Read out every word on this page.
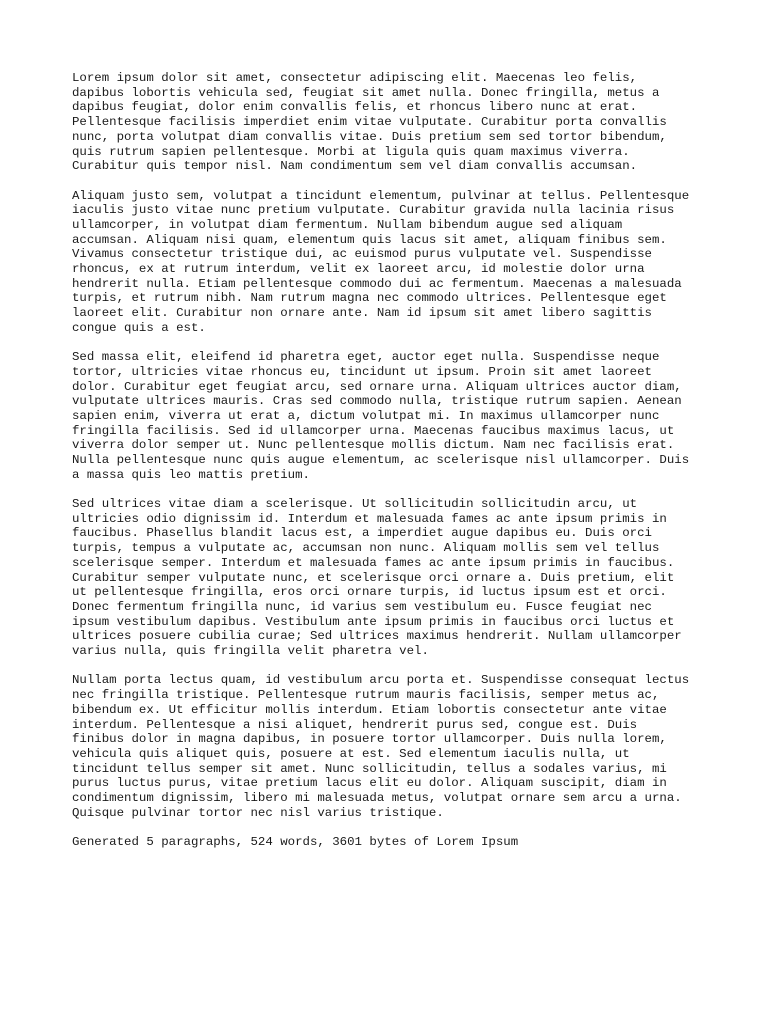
Lorem ipsum dolor sit amet, consectetur adipiscing elit. Maecenas leo felis,
dapibus lobortis vehicula sed, feugiat sit amet nulla. Donec fringilla, metus a
dapibus feugiat, dolor enim convallis felis, et rhoncus libero nunc at erat.
Pellentesque facilisis imperdiet enim vitae vulputate. Curabitur porta convallis
nunc, porta volutpat diam convallis vitae. Duis pretium sem sed tortor bibendum,
quis rutrum sapien pellentesque. Morbi at ligula quis quam maximus viverra.
Curabitur quis tempor nisl. Nam condimentum sem vel diam convallis accumsan.

Aliquam justo sem, volutpat a tincidunt elementum, pulvinar at tellus. Pellentesque
iaculis justo vitae nunc pretium vulputate. Curabitur gravida nulla lacinia risus
ullamcorper, in volutpat diam fermentum. Nullam bibendum augue sed aliquam
accumsan. Aliquam nisi quam, elementum quis lacus sit amet, aliquam finibus sem.
Vivamus consectetur tristique dui, ac euismod purus vulputate vel. Suspendisse
rhoncus, ex at rutrum interdum, velit ex laoreet arcu, id molestie dolor urna
hendrerit nulla. Etiam pellentesque commodo dui ac fermentum. Maecenas a malesuada
turpis, et rutrum nibh. Nam rutrum magna nec commodo ultrices. Pellentesque eget
laoreet elit. Curabitur non ornare ante. Nam id ipsum sit amet libero sagittis
congue quis a est.

Sed massa elit, eleifend id pharetra eget, auctor eget nulla. Suspendisse neque
tortor, ultricies vitae rhoncus eu, tincidunt ut ipsum. Proin sit amet laoreet
dolor. Curabitur eget feugiat arcu, sed ornare urna. Aliquam ultrices auctor diam,
vulputate ultrices mauris. Cras sed commodo nulla, tristique rutrum sapien. Aenean
sapien enim, viverra ut erat a, dictum volutpat mi. In maximus ullamcorper nunc
fringilla facilisis. Sed id ullamcorper urna. Maecenas faucibus maximus lacus, ut
viverra dolor semper ut. Nunc pellentesque mollis dictum. Nam nec facilisis erat.
Nulla pellentesque nunc quis augue elementum, ac scelerisque nisl ullamcorper. Duis
a massa quis leo mattis pretium.

Sed ultrices vitae diam a scelerisque. Ut sollicitudin sollicitudin arcu, ut
ultricies odio dignissim id. Interdum et malesuada fames ac ante ipsum primis in
faucibus. Phasellus blandit lacus est, a imperdiet augue dapibus eu. Duis orci
turpis, tempus a vulputate ac, accumsan non nunc. Aliquam mollis sem vel tellus
scelerisque semper. Interdum et malesuada fames ac ante ipsum primis in faucibus.
Curabitur semper vulputate nunc, et scelerisque orci ornare a. Duis pretium, elit
ut pellentesque fringilla, eros orci ornare turpis, id luctus ipsum est et orci.
Donec fermentum fringilla nunc, id varius sem vestibulum eu. Fusce feugiat nec
ipsum vestibulum dapibus. Vestibulum ante ipsum primis in faucibus orci luctus et
ultrices posuere cubilia curae; Sed ultrices maximus hendrerit. Nullam ullamcorper
varius nulla, quis fringilla velit pharetra vel.

Nullam porta lectus quam, id vestibulum arcu porta et. Suspendisse consequat lectus
nec fringilla tristique. Pellentesque rutrum mauris facilisis, semper metus ac,
bibendum ex. Ut efficitur mollis interdum. Etiam lobortis consectetur ante vitae
interdum. Pellentesque a nisi aliquet, hendrerit purus sed, congue est. Duis
finibus dolor in magna dapibus, in posuere tortor ullamcorper. Duis nulla lorem,
vehicula quis aliquet quis, posuere at est. Sed elementum iaculis nulla, ut
tincidunt tellus semper sit amet. Nunc sollicitudin, tellus a sodales varius, mi
purus luctus purus, vitae pretium lacus elit eu dolor. Aliquam suscipit, diam in
condimentum dignissim, libero mi malesuada metus, volutpat ornare sem arcu a urna.
Quisque pulvinar tortor nec nisl varius tristique.

Generated 5 paragraphs, 524 words, 3601 bytes of Lorem Ipsum
